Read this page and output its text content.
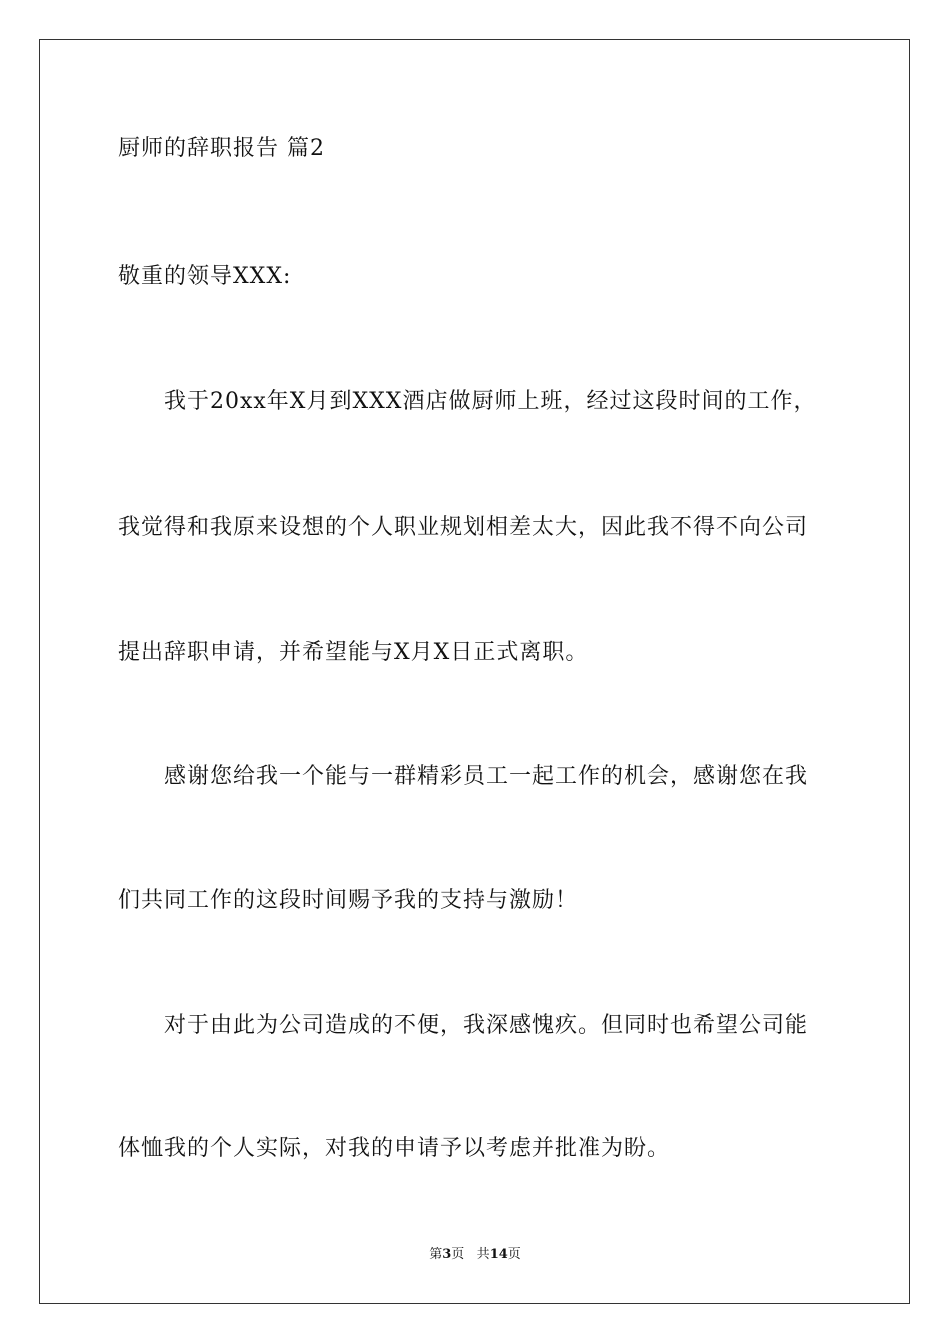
厨师的辞职报告 篇2
敬重的领导XXX:
我于20xx年X月到XXX酒店做厨师上班，经过这段时间的工作，
我觉得和我原来设想的个人职业规划相差太大，因此我不得不向公司
提出辞职申请，并希望能与X月X日正式离职。
感谢您给我一个能与一群精彩员工一起工作的机会，感谢您在我
们共同工作的这段时间赐予我的支持与激励！
对于由此为公司造成的不便，我深感愧疚。但同时也希望公司能
体恤我的个人实际，对我的申请予以考虑并批准为盼。
第3页 共14页
